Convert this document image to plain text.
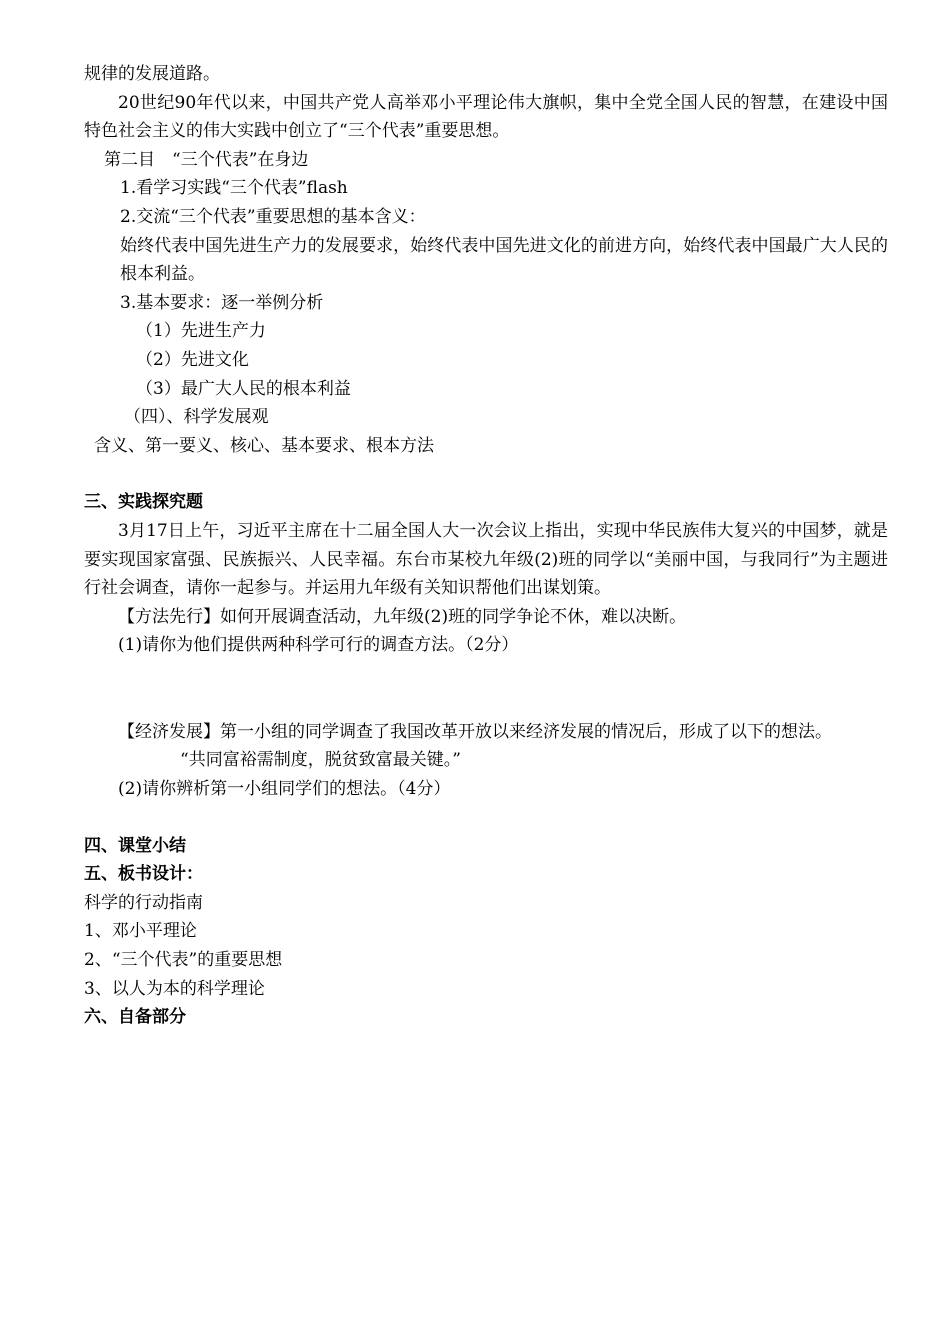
规律的发展道路。

20世纪90年代以来，中国共产党人高举邓小平理论伟大旗帜，集中全党全国人民的智慧，在建设中国特色社会主义的伟大实践中创立了“三个代表”重要思想。

第二目　“三个代表”在身边

1.看学习实践“三个代表”flash

2.交流“三个代表”重要思想的基本含义：

始终代表中国先进生产力的发展要求，始终代表中国先进文化的前进方向，始终代表中国最广大人民的根本利益。

3.基本要求：逐一举例分析

（1）先进生产力

（2）先进文化

（3）最广大人民的根本利益

（四）、科学发展观

含义、第一要义、核心、基本要求、根本方法

三、实践探究题

3月17日上午，习近平主席在十二届全国人大一次会议上指出，实现中华民族伟大复兴的中国梦，就是要实现国家富强、民族振兴、人民幸福。东台市某校九年级(2)班的同学以“美丽中国，与我同行”为主题进行社会调查，请你一起参与。并运用九年级有关知识帮他们出谋划策。

【方法先行】如何开展调查活动，九年级(2)班的同学争论不休，难以决断。

(1)请你为他们提供两种科学可行的调查方法。（2分）

【经济发展】第一小组的同学调查了我国改革开放以来经济发展的情况后，形成了以下的想法。

“共同富裕需制度，脱贫致富最关键。”

(2)请你辨析第一小组同学们的想法。（4分）

四、课堂小结

五、板书设计：

科学的行动指南

1、邓小平理论

2、“三个代表”的重要思想

3、以人为本的科学理论

六、自备部分
